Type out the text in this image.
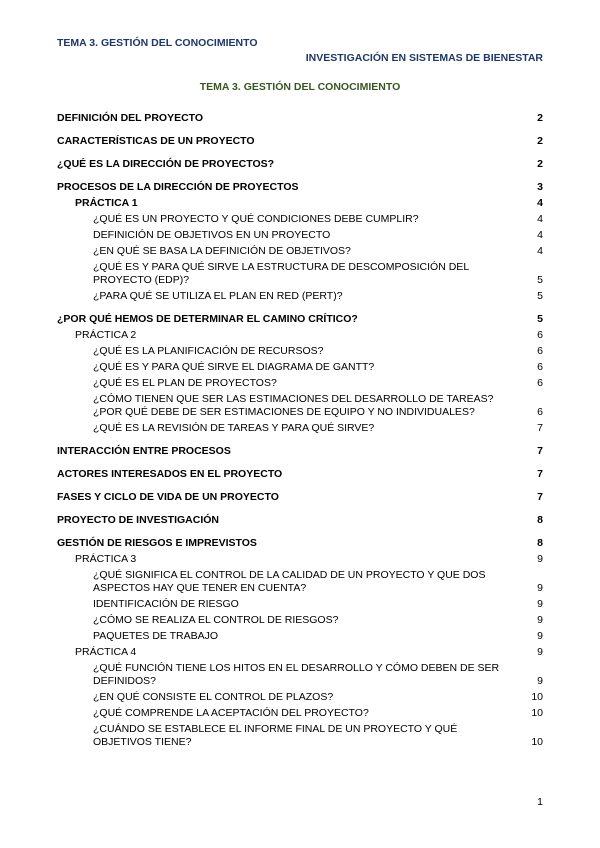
TEMA 3. GESTIÓN DEL CONOCIMIENTO
INVESTIGACIÓN EN SISTEMAS DE BIENESTAR
TEMA 3. GESTIÓN DEL CONOCIMIENTO
DEFINICIÓN DEL PROYECTO	2
CARACTERÍSTICAS DE UN PROYECTO	2
¿QUÉ ES LA DIRECCIÓN DE PROYECTOS?	2
PROCESOS DE LA DIRECCIÓN DE PROYECTOS	3
PRÁCTICA 1	4
¿QUÉ ES UN PROYECTO Y QUÉ CONDICIONES DEBE CUMPLIR?	4
DEFINICIÓN DE OBJETIVOS EN UN PROYECTO	4
¿EN QUÉ SE BASA LA DEFINICIÓN DE OBJETIVOS?	4
¿QUÉ ES Y PARA QUÉ SIRVE LA ESTRUCTURA DE DESCOMPOSICIÓN DEL PROYECTO (EDP)?	5
¿PARA QUÉ SE UTILIZA EL PLAN EN RED (PERT)?	5
¿POR QUÉ HEMOS DE DETERMINAR EL CAMINO CRÍTICO?	5
PRÁCTICA 2	6
¿QUÉ ES LA PLANIFICACIÓN DE RECURSOS?	6
¿QUÉ ES Y PARA QUÉ SIRVE EL DIAGRAMA DE GANTT?	6
¿QUÉ ES EL PLAN DE PROYECTOS?	6
¿CÓMO TIENEN QUE SER LAS ESTIMACIONES DEL DESARROLLO DE TAREAS? ¿POR QUÉ DEBE DE SER ESTIMACIONES DE EQUIPO Y NO INDIVIDUALES?	6
¿QUÉ ES LA REVISIÓN DE TAREAS Y PARA QUÉ SIRVE?	7
INTERACCIÓN ENTRE PROCESOS	7
ACTORES INTERESADOS EN EL PROYECTO	7
FASES Y CICLO DE VIDA DE UN PROYECTO	7
PROYECTO DE INVESTIGACIÓN	8
GESTIÓN DE RIESGOS E IMPREVISTOS	8
PRÁCTICA 3	9
¿QUÉ SIGNIFICA EL CONTROL DE LA CALIDAD DE UN PROYECTO Y QUE DOS ASPECTOS HAY QUE TENER EN CUENTA?	9
IDENTIFICACIÓN DE RIESGO	9
¿CÓMO SE REALIZA EL CONTROL DE RIESGOS?	9
PAQUETES DE TRABAJO	9
PRÁCTICA 4	9
¿QUÉ FUNCIÓN TIENE LOS HITOS EN EL DESARROLLO Y CÓMO DEBEN DE SER DEFINIDOS?	9
¿EN QUÉ CONSISTE EL CONTROL DE PLAZOS?	10
¿QUÉ COMPRENDE LA ACEPTACIÓN DEL PROYECTO?	10
¿CUÁNDO SE ESTABLECE EL INFORME FINAL DE UN PROYECTO Y QUÉ OBJETIVOS TIENE?	10
1
